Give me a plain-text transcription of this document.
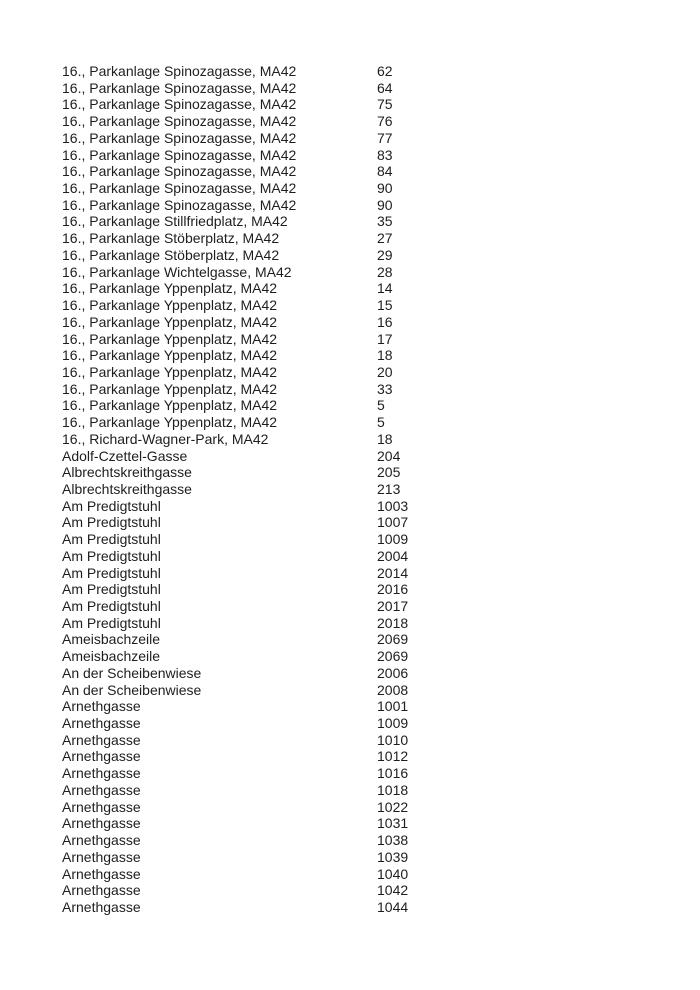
16., Parkanlage Spinozagasse, MA42	62
16., Parkanlage Spinozagasse, MA42	64
16., Parkanlage Spinozagasse, MA42	75
16., Parkanlage Spinozagasse, MA42	76
16., Parkanlage Spinozagasse, MA42	77
16., Parkanlage Spinozagasse, MA42	83
16., Parkanlage Spinozagasse, MA42	84
16., Parkanlage Spinozagasse, MA42	90
16., Parkanlage Spinozagasse, MA42	90
16., Parkanlage Stillfriedplatz, MA42	35
16., Parkanlage Stöberplatz, MA42	27
16., Parkanlage Stöberplatz, MA42	29
16., Parkanlage Wichtelgasse, MA42	28
16., Parkanlage Yppenplatz, MA42	14
16., Parkanlage Yppenplatz, MA42	15
16., Parkanlage Yppenplatz, MA42	16
16., Parkanlage Yppenplatz, MA42	17
16., Parkanlage Yppenplatz, MA42	18
16., Parkanlage Yppenplatz, MA42	20
16., Parkanlage Yppenplatz, MA42	33
16., Parkanlage Yppenplatz, MA42	5
16., Parkanlage Yppenplatz, MA42	5
16., Richard-Wagner-Park, MA42	18
Adolf-Czettel-Gasse	204
Albrechtskreithgasse	205
Albrechtskreithgasse	213
Am Predigtstuhl	1003
Am Predigtstuhl	1007
Am Predigtstuhl	1009
Am Predigtstuhl	2004
Am Predigtstuhl	2014
Am Predigtstuhl	2016
Am Predigtstuhl	2017
Am Predigtstuhl	2018
Ameisbachzeile	2069
Ameisbachzeile	2069
An der Scheibenwiese	2006
An der Scheibenwiese	2008
Arnethgasse	1001
Arnethgasse	1009
Arnethgasse	1010
Arnethgasse	1012
Arnethgasse	1016
Arnethgasse	1018
Arnethgasse	1022
Arnethgasse	1031
Arnethgasse	1038
Arnethgasse	1039
Arnethgasse	1040
Arnethgasse	1042
Arnethgasse	1044
